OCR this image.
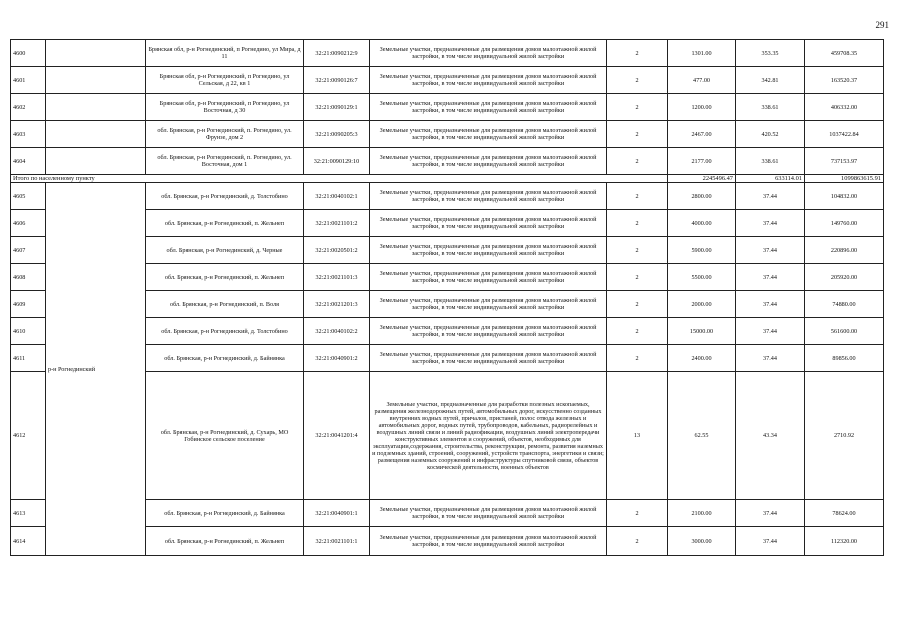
291
4600		Брянская обл, р-н Рогнединский, п Рогнедино, ул Мира, д 11	32:21:0090212:9	Земельные участки, предназначенные для размещения домов малоэтажной жилой застройки, в том числе индивидуальной жилой застройки	2	1301.00	353.35	459708.35
4601		Брянская обл, р-н Рогнединский, п Рогнедино, ул Сельская, д 22, кв 1	32:21:0090126:7	Земельные участки, предназначенные для размещения домов малоэтажной жилой застройки, в том числе индивидуальной жилой застройки	2	477.00	342.81	163520.37
4602		Брянская обл, р-н Рогнединский, п Рогнедино, ул Восточная, д 30	32:21:0090129:1	Земельные участки, предназначенные для размещения домов малоэтажной жилой застройки, в том числе индивидуальной жилой застройки	2	1200.00	338.61	406332.00
4603		обл. Брянская, р-н Рогнединский, п. Рогнедино, ул. Фрунзе, дом 2	32:21:0090205:3	Земельные участки, предназначенные для размещения домов малоэтажной жилой застройки, в том числе индивидуальной жилой застройки	2	2467.00	420.52	1037422.84
4604		обл. Брянская, р-н Рогнединский, п. Рогнедино, ул. Восточная, дом 1	32:21:0090129:10	Земельные участки, предназначенные для размещения домов малоэтажной жилой застройки, в том числе индивидуальной жилой застройки	2	2177.00	338.61	737153.97
Итого по населенному пункту						2245496.47	633114.01	1099863615.91
4605	р-н Рогнединский	обл. Брянская, р-н Рогнединский, д. Толстобино	32:21:0040102:1	Земельные участки, предназначенные для размещения домов малоэтажной жилой застройки, в том числе индивидуальной жилой застройки	2	2800.00	37.44	104832.00
4606		обл. Брянская, р-н Рогнединский, п. Жельнеп	32:21:0021101:2	Земельные участки, предназначенные для размещения домов малоэтажной жилой застройки, в том числе индивидуальной жилой застройки	2	4000.00	37.44	149760.00
4607		обл. Брянская, р-н Рогнединский, д. Черные	32:21:0020501:2	Земельные участки, предназначенные для размещения домов малоэтажной жилой застройки, в том числе индивидуальной жилой застройки	2	5900.00	37.44	220896.00
4608		обл. Брянская, р-н Рогнединский, п. Жельнеп	32:21:0021101:3	Земельные участки, предназначенные для размещения домов малоэтажной жилой застройки, в том числе индивидуальной жилой застройки	2	5500.00	37.44	205920.00
4609		обл. Брянская, р-н Рогнединский, п. Воля	32:21:0021201:3	Земельные участки, предназначенные для размещения домов малоэтажной жилой застройки, в том числе индивидуальной жилой застройки	2	2000.00	37.44	74880.00
4610		обл. Брянская, р-н Рогнединский, д. Толстобино	32:21:0040102:2	Земельные участки, предназначенные для размещения домов малоэтажной жилой застройки, в том числе индивидуальной жилой застройки	2	15000.00	37.44	561600.00
4611		обл. Брянская, р-н Рогнединский, д. Байнянка	32:21:0040901:2	Земельные участки, предназначенные для размещения домов малоэтажной жилой застройки, в том числе индивидуальной жилой застройки	2	2400.00	37.44	89856.00
4612		обл. Брянская, р-н Рогнединский, д. Сухарь, МО Гобинское сельское поселение	32:21:0041201:4	Земельные участки, предназначенные для разработки полезных ископаемых, размещения железнодорожных путей, автомобильных дорог, искусственно созданных внутренних водных путей, причалов, пристаней, полос отвода железных и автомобильных дорог, водных путей, трубопроводов, кабельных, радиорелейных и воздушных линий связи и линий радиофикации, воздушных линий электропередачи конструктивных элементов и сооружений, объектов, необходимых для эксплуатации,содержания, строительства, реконструкции, ремонта, развития наземных и подземных зданий, строений, сооружений, устройств транспорта, энергетики и связи; размещения наземных сооружений и инфраструктуры спутниковой связи, объектов космической деятельности, военных объектов	13	62.55	43.34	2710.92
4613		обл. Брянская, р-н Рогнединский, д. Байнянка	32:21:0040901:1	Земельные участки, предназначенные для размещения домов малоэтажной жилой застройки, в том числе индивидуальной жилой застройки	2	2100.00	37.44	78624.00
4614		обл. Брянская, р-н Рогнединский, п. Жельнеп	32:21:0021101:1	Земельные участки, предназначенные для размещения домов малоэтажной жилой застройки, в том числе индивидуальной жилой застройки	2	3000.00	37.44	112320.00
